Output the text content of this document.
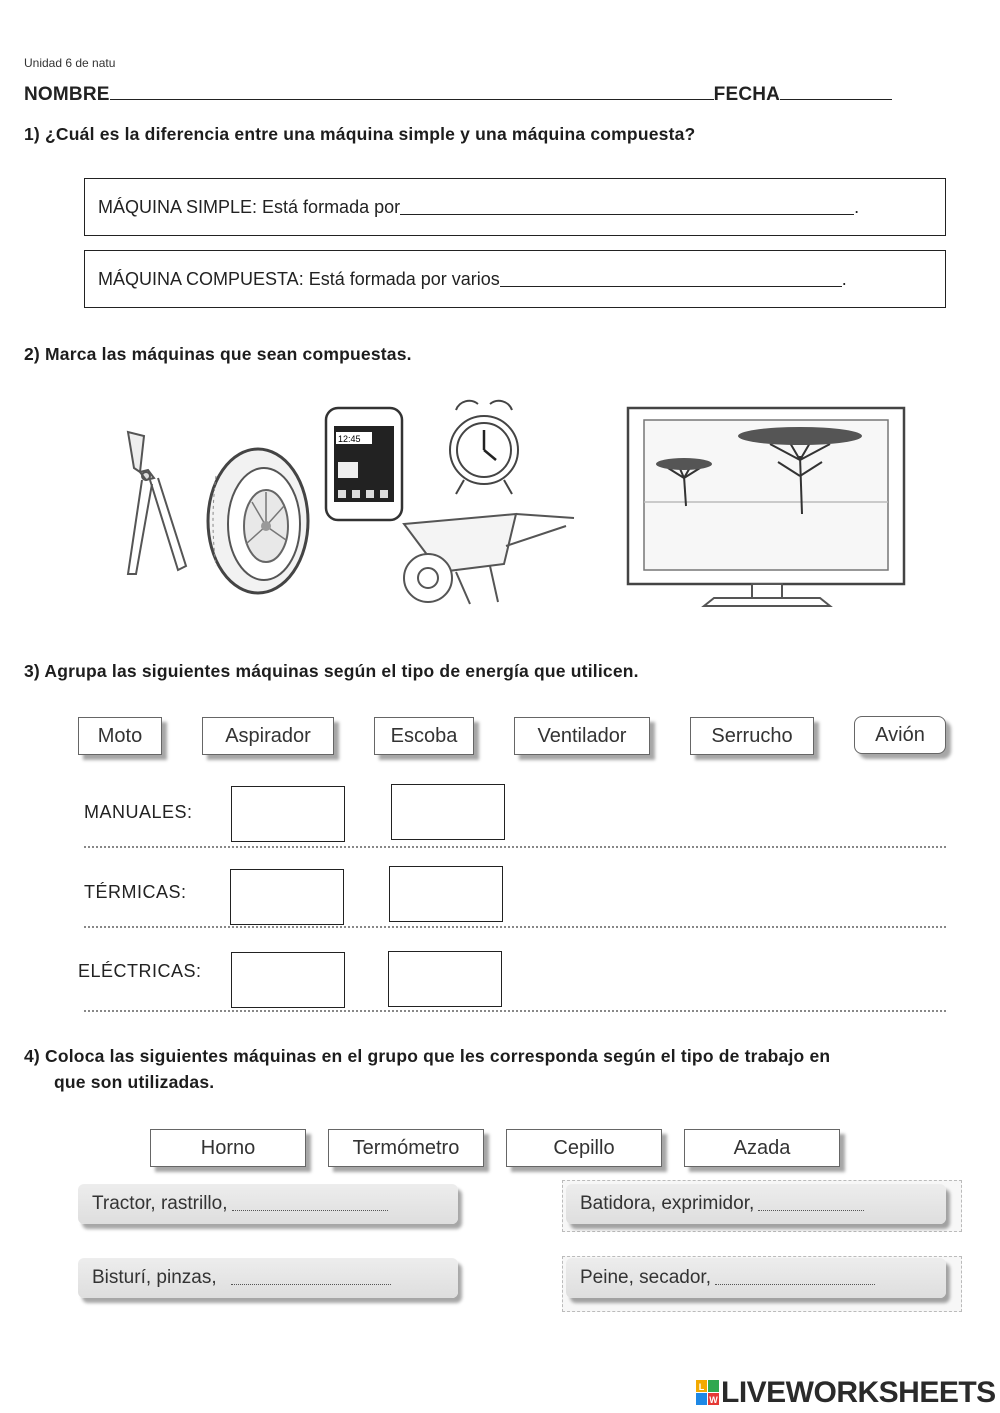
Unidad 6 de natu
NOMBRE	FECHA
1) ¿Cuál es la diferencia entre una máquina simple y una máquina compuesta?
MÁQUINA SIMPLE: Está formada por	.
MÁQUINA COMPUESTA: Está formada por varios	.
2) Marca las máquinas que sean compuestas.
12:45
3) Agrupa las siguientes máquinas según el tipo de energía que utilicen.
Moto	Aspirador	Escoba	Ventilador	Serrucho	Avión
MANUALES:
TÉRMICAS:
ELÉCTRICAS:
4) Coloca las siguientes máquinas en el grupo que les corresponda según el tipo de trabajo en
que son utilizadas.
Horno	Termómetro	Cepillo	Azada
Tractor, rastrillo,	Batidora, exprimidor,
Bisturí, pinzas,	Peine, secador,
L
W LIVEWORKSHEETS
